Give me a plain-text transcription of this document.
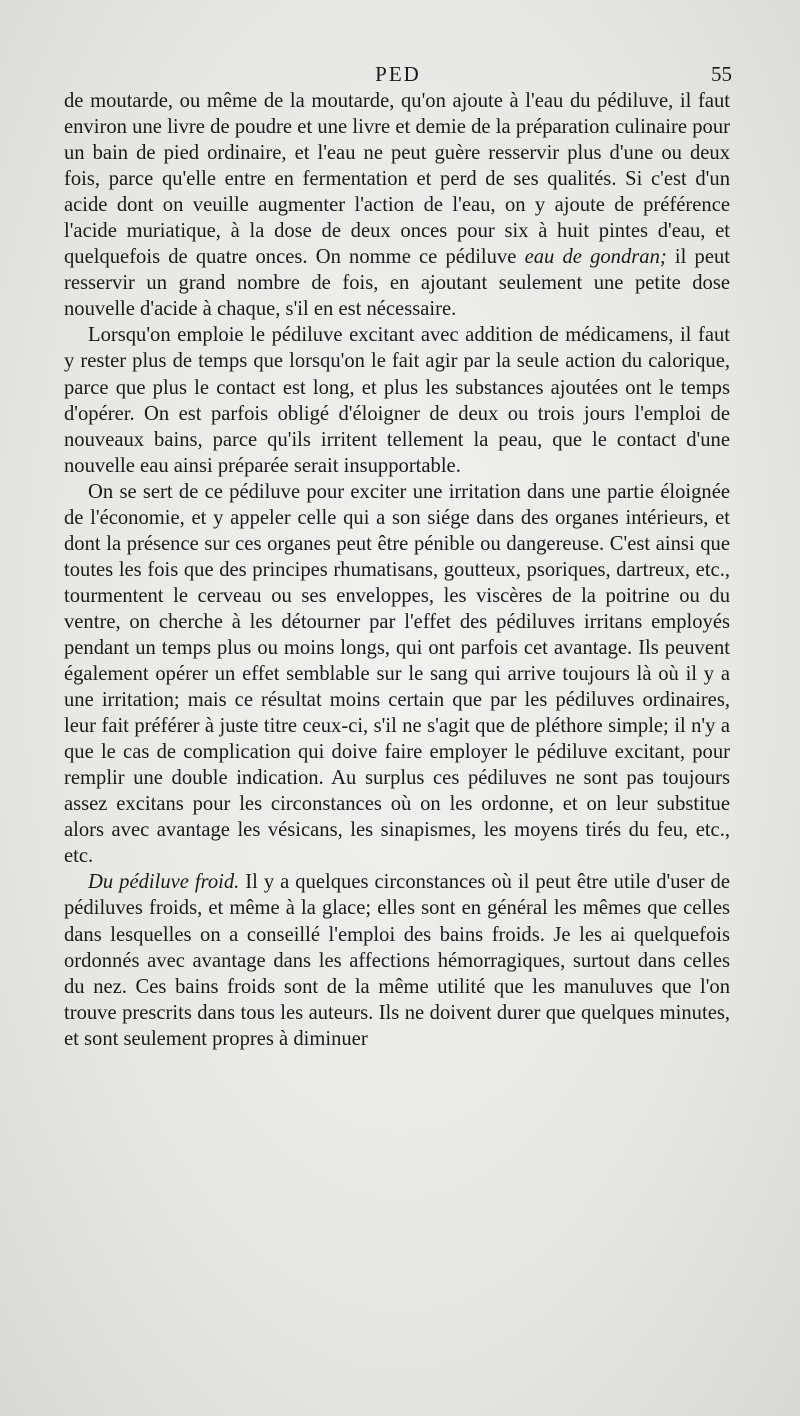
PED	55

de moutarde, ou même de la moutarde, qu'on ajoute à l'eau du pédiluve, il faut environ une livre de poudre et une livre et demie de la préparation culinaire pour un bain de pied ordinaire, et l'eau ne peut guère resservir plus d'une ou deux fois, parce qu'elle entre en fermentation et perd de ses qualités. Si c'est d'un acide dont on veuille augmenter l'action de l'eau, on y ajoute de préférence l'acide muriatique, à la dose de deux onces pour six à huit pintes d'eau, et quelquefois de quatre onces. On nomme ce pédiluve eau de gondran; il peut resservir un grand nombre de fois, en ajoutant seulement une petite dose nouvelle d'acide à chaque, s'il en est nécessaire.

Lorsqu'on emploie le pédiluve excitant avec addition de médicamens, il faut y rester plus de temps que lorsqu'on le fait agir par la seule action du calorique, parce que plus le contact est long, et plus les substances ajoutées ont le temps d'opérer. On est parfois obligé d'éloigner de deux ou trois jours l'emploi de nouveaux bains, parce qu'ils irritent tellement la peau, que le contact d'une nouvelle eau ainsi préparée serait insupportable.

On se sert de ce pédiluve pour exciter une irritation dans une partie éloignée de l'économie, et y appeler celle qui a son siége dans des organes intérieurs, et dont la présence sur ces organes peut être pénible ou dangereuse. C'est ainsi que toutes les fois que des principes rhumatisans, goutteux, psoriques, dartreux, etc., tourmentent le cerveau ou ses enveloppes, les viscères de la poitrine ou du ventre, on cherche à les détourner par l'effet des pédiluves irritans employés pendant un temps plus ou moins longs, qui ont parfois cet avantage. Ils peuvent également opérer un effet semblable sur le sang qui arrive toujours là où il y a une irritation; mais ce résultat moins certain que par les pédiluves ordinaires, leur fait préférer à juste titre ceux-ci, s'il ne s'agit que de pléthore simple; il n'y a que le cas de complication qui doive faire employer le pédiluve excitant, pour remplir une double indication. Au surplus ces pédiluves ne sont pas toujours assez excitans pour les circonstances où on les ordonne, et on leur substitue alors avec avantage les vésicans, les sinapismes, les moyens tirés du feu, etc., etc.

Du pédiluve froid. Il y a quelques circonstances où il peut être utile d'user de pédiluves froids, et même à la glace; elles sont en général les mêmes que celles dans lesquelles on a conseillé l'emploi des bains froids. Je les ai quelquefois ordonnés avec avantage dans les affections hémorragiques, surtout dans celles du nez. Ces bains froids sont de la même utilité que les manuluves que l'on trouve prescrits dans tous les auteurs. Ils ne doivent durer que quelques minutes, et sont seulement propres à diminuer
